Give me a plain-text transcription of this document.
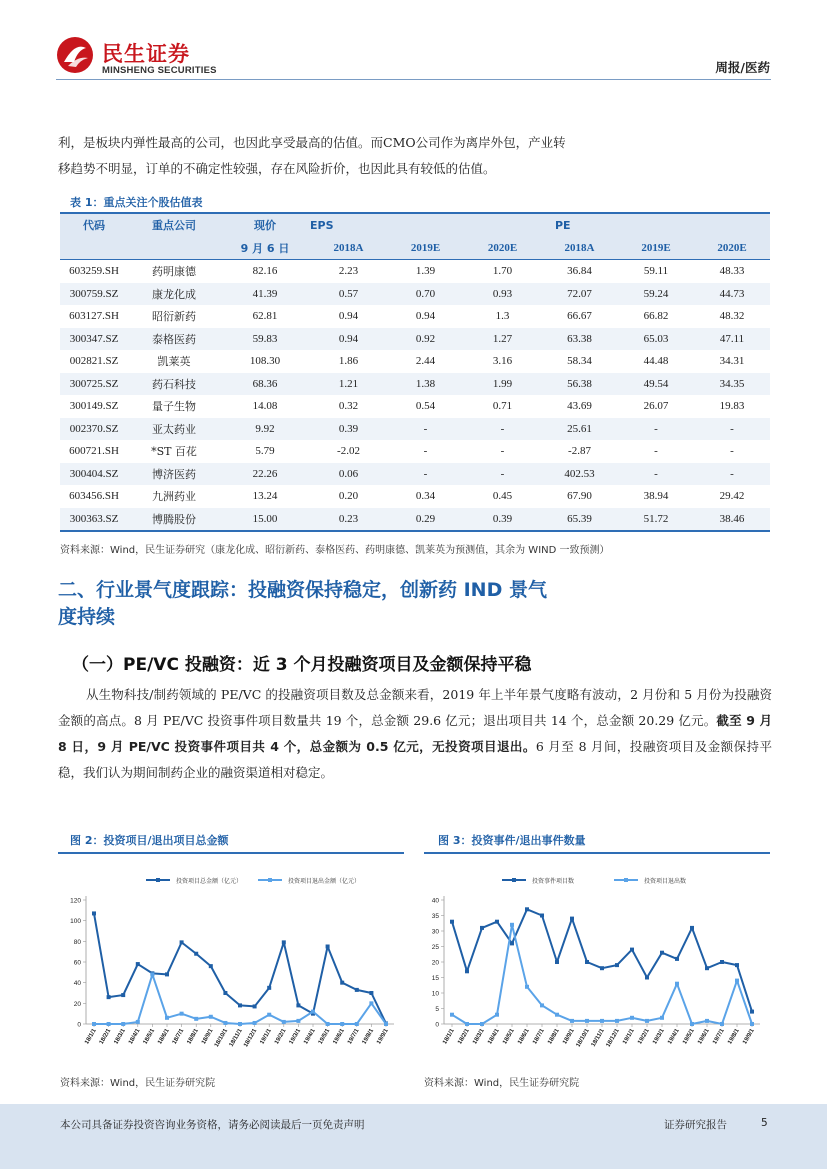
民生证券
MINSHENG SECURITIES	周报/医药
利，是板块内弹性最高的公司，也因此享受最高的估值。而CMO公司作为离岸外包，产业转
移趋势不明显，订单的不确定性较强，存在风险折价，也因此具有较低的估值。
表 1：重点关注个股估值表
代码	重点公司	现价	EPS			PE		
		9 月 6 日	2018A	2019E	2020E	2018A	2019E	2020E
603259.SH	药明康德	82.16	2.23	1.39	1.70	36.84	59.11	48.33
300759.SZ	康龙化成	41.39	0.57	0.70	0.93	72.07	59.24	44.73
603127.SH	昭衍新药	62.81	0.94	0.94	1.3	66.67	66.82	48.32
300347.SZ	泰格医药	59.83	0.94	0.92	1.27	63.38	65.03	47.11
002821.SZ	凯莱英	108.30	1.86	2.44	3.16	58.34	44.48	34.31
300725.SZ	药石科技	68.36	1.21	1.38	1.99	56.38	49.54	34.35
300149.SZ	量子生物	14.08	0.32	0.54	0.71	43.69	26.07	19.83
002370.SZ	亚太药业	9.92	0.39	-	-	25.61	-	-
600721.SH	*ST 百花	5.79	-2.02	-	-	-2.87	-	-
300404.SZ	博济医药	22.26	0.06	-	-	402.53	-	-
603456.SH	九洲药业	13.24	0.20	0.34	0.45	67.90	38.94	29.42
300363.SZ	博腾股份	15.00	0.23	0.29	0.39	65.39	51.72	38.46
资料来源：Wind，民生证券研究（康龙化成、昭衍新药、泰格医药、药明康德、凯莱英为预测值，其余为 WIND 一致预测）
二、行业景气度跟踪：投融资保持稳定，创新药 IND 景气
度持续
（一）PE/VC 投融资：近 3 个月投融资项目及金额保持平稳
从生物科技/制药领域的 PE/VC 的投融资项目数及总金额来看，2019 年上半年景气度略有波动，2 月份和 5 月份为投融资金额的高点。8 月 PE/VC 投资事件项目数量共 19 个，总金额 29.6 亿元；退出项目共 14 个，总金额 20.29 亿元。截至 9 月 8 日，9 月 PE/VC 投资事件项目共 4 个，总金额为 0.5 亿元，无投资项目退出。6 月至 8 月间，投融资项目及金额保持平稳，我们认为期间制药企业的融资渠道相对稳定。
图 2：投资项目/退出项目总金额
投资项目总金额（亿元）	投资项目退出金额（亿元）
0
20
40
60
80
100
120
18/1/1 18/2/1 18/3/1 18/4/1 18/5/1 18/6/1 18/7/1 18/8/1 18/9/1 18/10/1 18/11/1 18/12/1 19/1/1 19/2/1 19/3/1 19/4/1 19/5/1 19/6/1 19/7/1 19/8/1 19/9/1
资料来源：Wind，民生证券研究院
图 3：投资事件/退出事件数量
投资事件项目数	投资项目退出数
0
5
10
15
20
25
30
35
40
18/1/1 18/2/1 18/3/1 18/4/1 18/5/1 18/6/1 18/7/1 18/8/1 18/9/1 18/10/1 18/11/1 18/12/1 19/1/1 19/2/1 19/3/1 19/4/1 19/5/1 19/6/1 19/7/1 19/8/1 19/9/1
资料来源：Wind，民生证券研究院
本公司具备证券投资咨询业务资格，请务必阅读最后一页免责声明	证券研究报告	5
